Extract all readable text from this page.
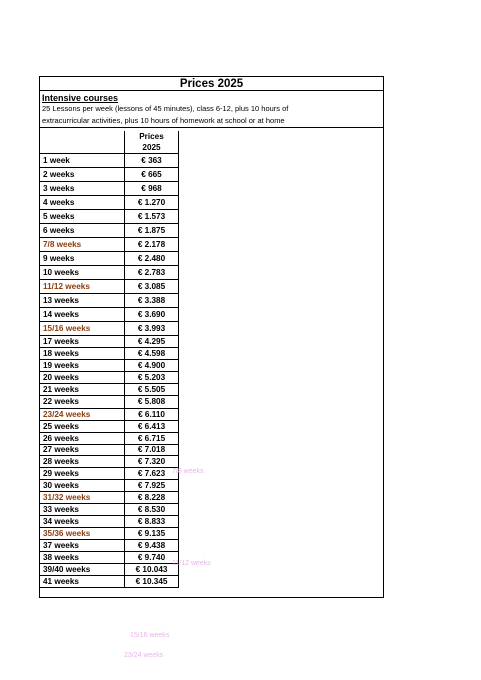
Prices 2025
Intensive courses
25 Lessons per week (lessons of 45 minutes), class 6-12, plus 10 hours of extracurricular activities, plus 10 hours of homework at school or at home

	Prices
2025

1 week	€ 363
2 weeks	€ 665
3 weeks	€ 968
4 weeks	€ 1.270
5 weeks	€ 1.573
6 weeks	€ 1.875
7/8 weeks	€ 2.178
9 weeks	€ 2.480
10 weeks	€ 2.783
11/12 weeks	€ 3.085
13 weeks	€ 3.388
14 weeks	€ 3.690
15/16 weeks	€ 3.993
17 weeks	€ 4.295
18 weeks	€ 4.598
19 weeks	€ 4.900
20 weeks	€ 5.203
21 weeks	€ 5.505
22 weeks	€ 5.808
23/24 weeks	€ 6.110
25 weeks	€ 6.413
26 weeks	€ 6.715
27 weeks	€ 7.018
28 weeks	€ 7.320
29 weeks	€ 7.623
30 weeks	€ 7.925
31/32 weeks	€ 8.228
33 weeks	€ 8.530
34 weeks	€ 8.833
35/36 weeks	€ 9.135
37 weeks	€ 9.438
38 weeks	€ 9.740
39/40 weeks	€ 10.043
41 weeks	€ 10.345
7/8 weeks
11/12 weeks
15/16 weeks
23/24 weeks
